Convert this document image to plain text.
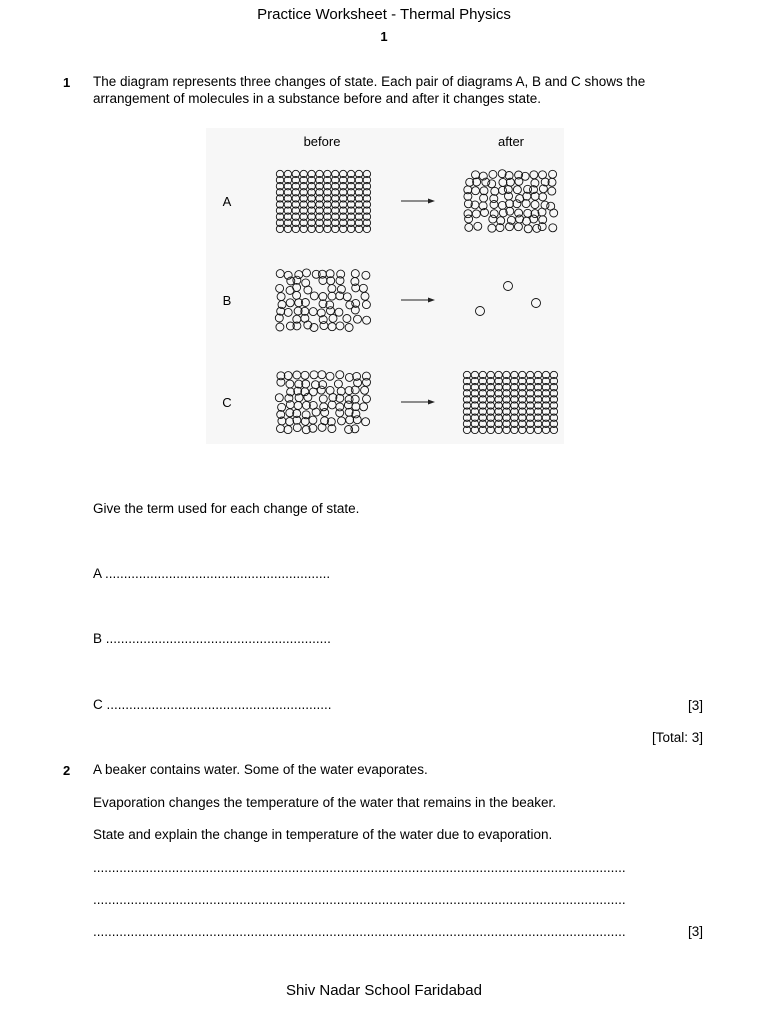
Practice Worksheet - Thermal Physics
1
1 The diagram represents three changes of state. Each pair of diagrams A, B and C shows the
arrangement of molecules in a substance before and after it changes state.
before	after
A
B
C
Give the term used for each change of state.
A ............................................................
B ............................................................
C ............................................................	[3]
[Total: 3]
2 A beaker contains water. Some of the water evaporates.
Evaporation changes the temperature of the water that remains in the beaker.
State and explain the change in temperature of the water due to evaporation.
..............................................................................................................................................
..............................................................................................................................................
..............................................................................................................................................	[3]
Shiv Nadar School Faridabad
